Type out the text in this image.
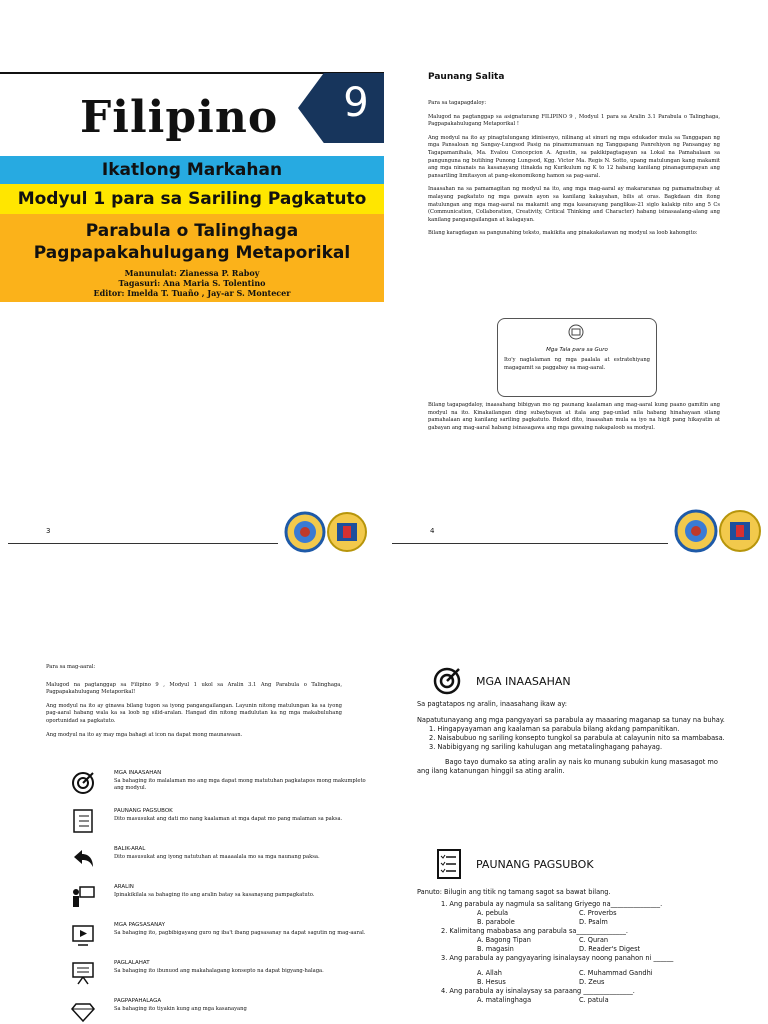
Filipino	9
Ikatlong Markahan
Modyul 1 para sa Sariling Pagkatuto
Parabula o Talinghaga
Pagpapakahulugang Metaporikal
Manunulat: Zianessa P. Raboy
Tagasuri: Ana Maria S. Tolentino
Editor: Imelda T. Tuaño , Jay-ar S. Montecer
3
Paunang Salita
Para sa tagapagdaloy:
Malugod na pagtanggap sa asignaturang FILIPINO 9 , Modyul 1 para sa Aralin 3.1 Parabula o Talinghaga, Pagpapakahulugang Metaporikal !
Ang modyul na ito ay pinagtulungang idinisenyo, nilinang at sinuri ng mga edukador mula sa Tanggapan ng mga Pansaloan ng Sangay-Lungsod Pasig na pinamumunuan ng Tanggapang Panrehiyon ng Pansangay ng Tagapamanihala, Ma. Evalou Concepcion A. Agustin, sa pakikipagtagayan sa Lokal na Pamahalaan sa pangunguna ng butihing Punong Lungsod, Kgg. Victor Ma. Regis N. Sotto, upang matulungan kang makamit ang mga ninanais na kasanayang itinakda ng Kurikulum ng K to 12 habang kanilang pinanagumpayan ang pansariling limitasyon at pang-ekonomikong hamon sa pag-aaral.
Inaasahan na sa pamamagitan ng modyul na ito, ang mga mag-aaral ay makararanas ng pamamatnubay at malayang pagkatuto ng mga gawain ayon sa kanilang kakayahan, bilis at oras. Bagkdaan din itong matulungan ang mga mag-aaral na makamit ang mga kasanayang panglikas-21 siglo kalakip nito ang 5 Cs (Communication, Collaboration, Creativity, Critical Thinking and Character) habang isinasaalang-alang ang kanilang pangangailangan at kalagayan.
Bilang karagdagan sa pangunahing teksto, makikita ang pinakakatawan ng modyul sa loob kahongito:
Mga Tala para sa Guro
Ito'y naglalaman ng mga paalala at estratehiyang magagamit sa paggabay sa mag-aaral.
Bilang tagapagdaloy, inaasahang bibigyan mo ng paunang kaalaman ang mag-aaral kung paano gamitin ang modyul na ito. Kinakailangan ding subaybayan at itala ang pag-unlad nila habang hinahayaan silang pamahalaan ang kanilang sariling pagkatuto. Bukod dito, inaasahan mula sa iyo na higit pang hikayatin at gabayan ang mag-aaral habang isinasagawa ang mga gawaing nakapaloob sa modyul.
4
Para sa mag-aaral:
Malugod na pagtanggap sa Filipino 9 , Modyul 1 ukol sa Aralin 3.1 Ang Parabula o Talinghaga, Pagpapakahulugang Metaporikal!
Ang modyul na ito ay ginawa bilang tugon sa iyong pangangailangan. Layunin nitong matulungan ka sa iyong pag-aaral habang wala ka sa loob ng silid-aralan. Hangad din nitong madulutan ka ng mga makabuluhang oportunidad sa pagkatuto.
Ang modyul na ito ay may mga bahagi at icon na dapat mong maunawaan.
MGA INAASAHAN
Sa bahaging ito malalaman mo ang mga dapat mong matutuhan pagkatapos mong makumpleto ang modyul.
PAUNANG PAGSUBOK
Dito masusukat ang dati mo nang kaalaman at mga dapat mo pang malaman sa paksa.
BALIK-ARAL
Dito masusukat ang iyong natutuhan at maaaalala mo sa mga naunang paksa.
ARALIN
Ipinakikilala sa bahaging ito ang aralin batay sa kasanayang pampagkatuto.
MGA PAGSASANAY
Sa bahaging ito, pagbibigayang guro ng iba't ibang pagsasanay na dapat sagutin ng mag-aaral.
PAGLALAHAT
Sa bahaging ito ibunuod ang makahalagang konsepto na dapat bigyang-halaga.
PAGPAPAHALAGA
Sa bahaging ito tiyakin kung ang mga kasanayang
MGA INAASAHAN
Sa pagtatapos ng aralin, inaasahang ikaw ay:
Napatutunayang ang mga pangyayari sa parabula ay maaaring maganap sa tunay na buhay.
1. Hingapyayaman ang kaalaman sa parabula bilang akdang pampanitikan.
2. Naisabubuo ng sariling konsepto tungkol sa parabula at calayunin nito sa mambabasa.
3. Nabibigyang ng sariling kahulugan ang metatalinghagang pahayag.
Bago tayo dumako sa ating aralin ay nais ko munang subukin kung masasagot mo ang ilang katanungan hinggil sa ating aralin.
PAUNANG PAGSUBOK
Panuto: Bilugin ang titik ng tamang sagot sa bawat bilang.
1. Ang parabula ay nagmula sa salitang Griyego na_______________.
A. pebula	C. Proverbs
B. parabole	D. Psalm
2. Kalimitang mababasa ang parabula sa_______________.
A. Bagong Tipan	C. Quran
B. magasin	D. Reader's Digest
3. Ang parabula ay pangyayaring isinalaysay noong panahon ni ______
A. Allah	C. Muhammad Gandhi
B. Hesus	D. Zeus
4. Ang parabula ay isinalaysay sa paraang _______________.
A. matalinghaga	C. patula
